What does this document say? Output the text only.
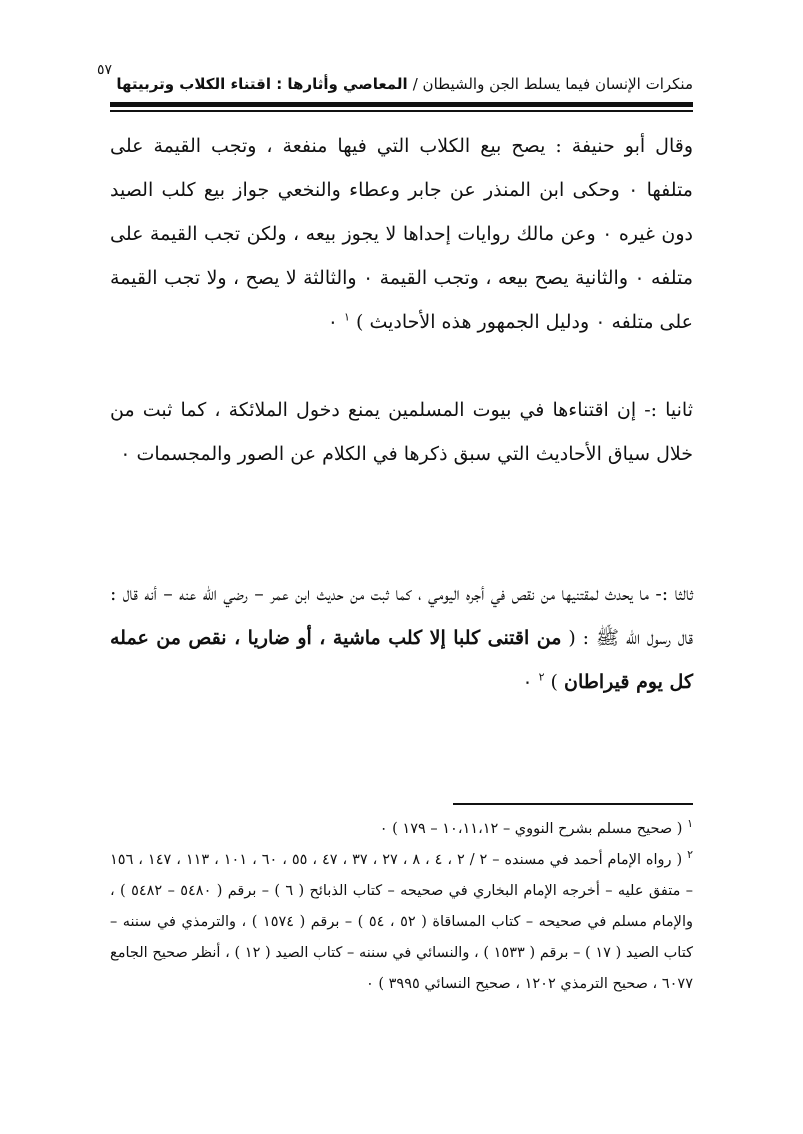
٥٧
منكرات الإنسان فيما يسلط الجن والشيطان / المعاصي وأثارها : اقتناء الكلاب وتربيتها
وقال أبو حنيفة : يصح بيع الكلاب التي فيها منفعة ، وتجب القيمة على متلفها ٠ وحكى ابن المنذر عن جابر وعطاء والنخعي جواز بيع كلب الصيد دون غيره ٠ وعن مالك روايات إحداها لا يجوز بيعه ، ولكن تجب القيمة على متلفه ٠ والثانية يصح بيعه ، وتجب القيمة ٠ والثالثة لا يصح ، ولا تجب القيمة على متلفه ٠ ودليل الجمهور هذه الأحاديث ) $^١$ ٠
ثانيا :- إن اقتناءها في بيوت المسلمين يمنع دخول الملائكة ، كما ثبت من خلال سياق الأحاديث التي سبق ذكرها في الكلام عن الصور والمجسمات ٠
ثالثا :- ما يحدث لمقتنيها من نقص في أجره اليومي ، كما ثبت من حديث ابن عمر – رضي الله عنه – أنه قال : قال رسول الله ﷺ : ( من اقتنى كلبا إلا كلب ماشية ، أو ضاريا ، نقص من عمله كل يوم قيراطان ) $^٢$ ٠

$^١$ ( صحيح مسلم بشرح النووي – ١٠،١١،١٢ – ١٧٩ ) ٠

$^٢$ ( رواه الإمام أحمد في مسنده – ٢ / ٢ ، ٤ ، ٨ ، ٢٧ ، ٣٧ ، ٤٧ ، ٥٥ ، ٦٠ ، ١٠١ ، ١١٣ ، ١٤٧ ، ١٥٦ – متفق عليه – أخرجه الإمام البخاري في صحيحه – كتاب الذبائح ( ٦ ) – برقم ( ٥٤٨٠ – ٥٤٨٢ ) ، والإمام مسلم في صحيحه – كتاب المساقاة ( ٥٢ ، ٥٤ ) – برقم ( ١٥٧٤ ) ، والترمذي في سننه – كتاب الصيد ( ١٧ ) – برقم ( ١٥٣٣ ) ، والنسائي في سننه – كتاب الصيد ( ١٢ ) ، أنظر صحيح الجامع ٦٠٧٧ ، صحيح الترمذي ١٢٠٢ ، صحيح النسائي ٣٩٩٥ ) ٠
